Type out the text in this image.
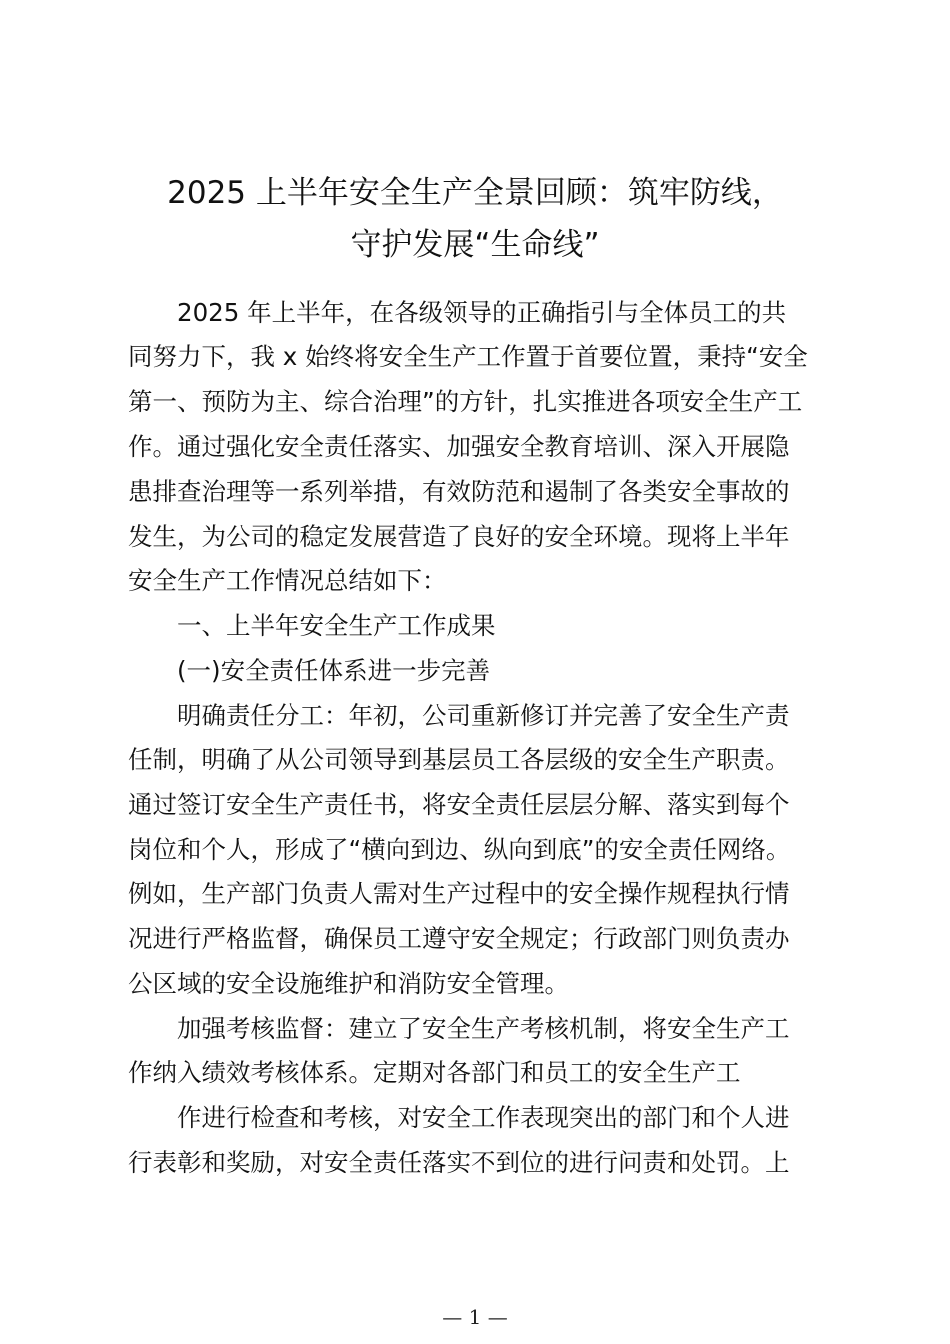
2025 上半年安全生产全景回顾：筑牢防线，
守护发展“生命线”
2025 年上半年，在各级领导的正确指引与全体员工的共
同努力下，我 x 始终将安全生产工作置于首要位置，秉持“安全
第一、预防为主、综合治理”的方针，扎实推进各项安全生产工
作。通过强化安全责任落实、加强安全教育培训、深入开展隐
患排查治理等一系列举措，有效防范和遏制了各类安全事故的
发生，为公司的稳定发展营造了良好的安全环境。现将上半年
安全生产工作情况总结如下：
一、上半年安全生产工作成果
(一)安全责任体系进一步完善
明确责任分工：年初，公司重新修订并完善了安全生产责
任制，明确了从公司领导到基层员工各层级的安全生产职责。
通过签订安全生产责任书，将安全责任层层分解、落实到每个
岗位和个人，形成了“横向到边、纵向到底”的安全责任网络。
例如，生产部门负责人需对生产过程中的安全操作规程执行情
况进行严格监督，确保员工遵守安全规定；行政部门则负责办
公区域的安全设施维护和消防安全管理。
加强考核监督：建立了安全生产考核机制，将安全生产工
作纳入绩效考核体系。定期对各部门和员工的安全生产工
作进行检查和考核，对安全工作表现突出的部门和个人进
行表彰和奖励，对安全责任落实不到位的进行问责和处罚。上
— 1 —
